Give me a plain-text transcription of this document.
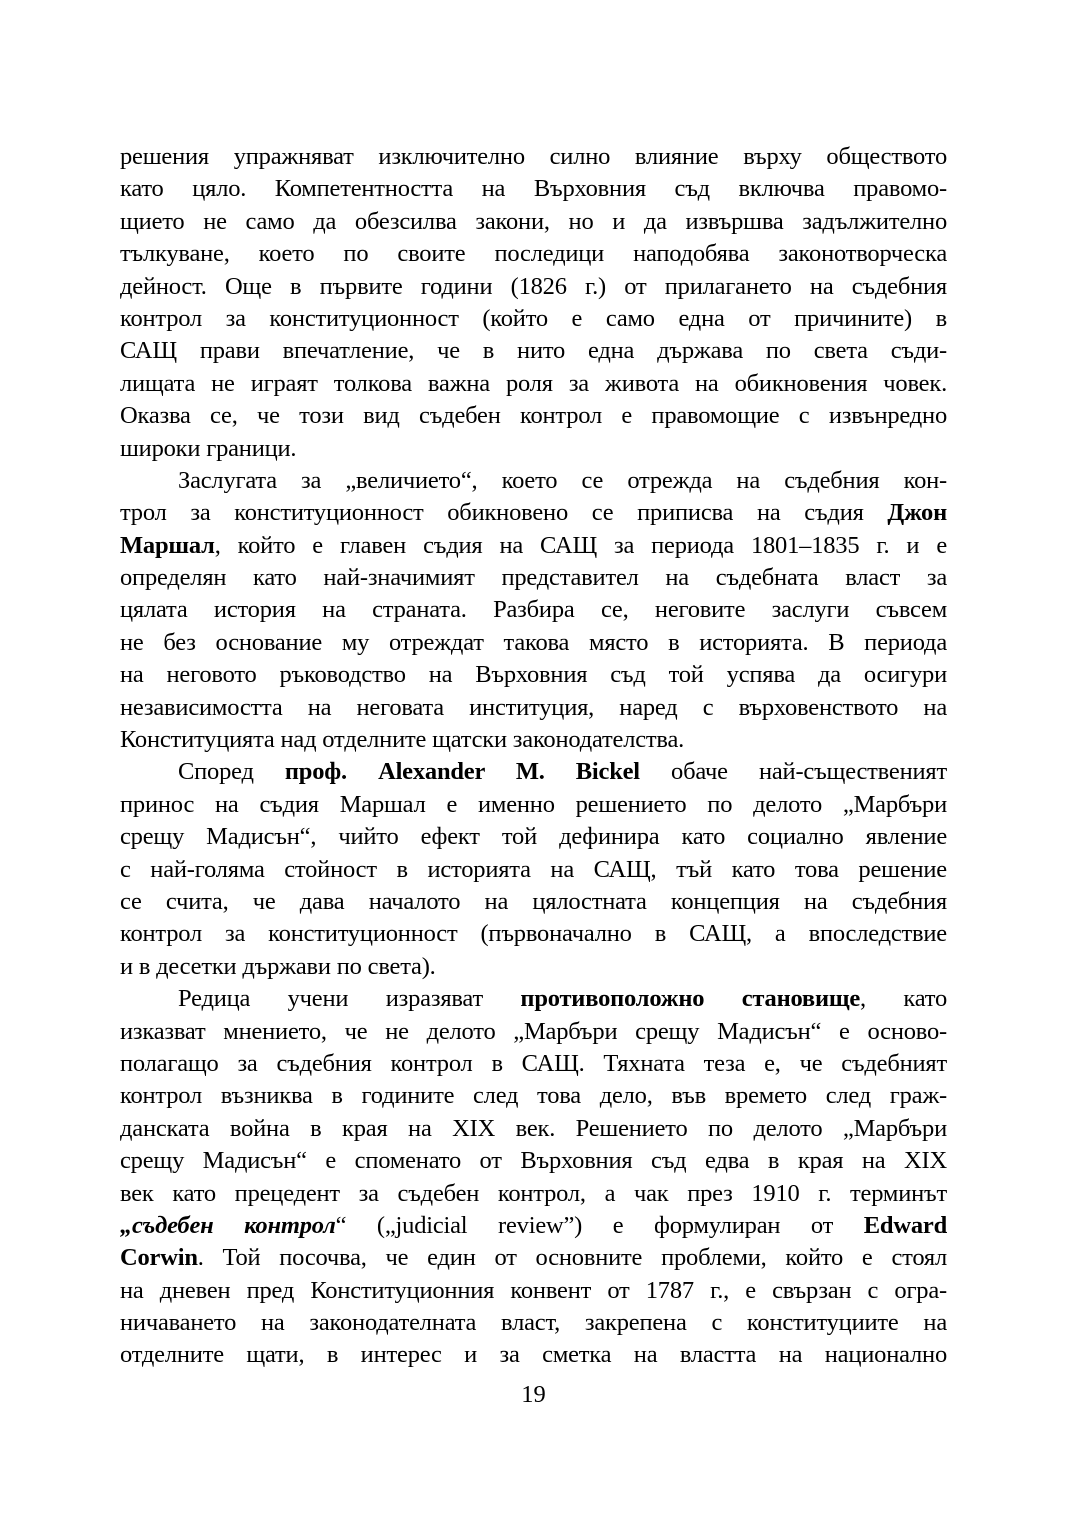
решения упражняват изключително силно влияние върху обществото
като цяло. Компетентността на Върховния съд включва правомо-
щието не само да обезсилва закони, но и да извършва задължително
тълкуване, което по своите последици наподобява законотворческа
дейност. Още в първите години (1826 г.) от прилагането на съдебния
контрол за конституционност (който е само една от причините) в
САЩ прави впечатление, че в нито една държава по света съди-
лищата не играят толкова важна роля за живота на обикновения човек.
Оказва се, че този вид съдебен контрол е правомощие с извънредно
широки граници.
Заслугата за „величието“, което се отрежда на съдебния кон-
трол за конституционност обикновено се приписва на съдия Джон
Маршал, който е главен съдия на САЩ за периода 1801–1835 г. и е
определян като най-значимият представител на съдебната власт за
цялата история на страната. Разбира се, неговите заслуги съвсем
не без основание му отреждат такова място в историята. В периода
на неговото ръководство на Върховния съд той успява да осигури
независимостта на неговата институция, наред с върховенството на
Конституцията над отделните щатски законодателства.
Според проф. Alexander M. Bickel обаче най-същественият
принос на съдия Маршал е именно решението по делото „Марбъри
срещу Мадисън“, чийто ефект той дефинира като социално явление
с най-голяма стойност в историята на САЩ, тъй като това решение
се счита, че дава началото на цялостната концепция на съдебния
контрол за конституционност (първоначално в САЩ, а впоследствие
и в десетки държави по света).
Редица учени изразяват противоположно становище, като
изказват мнението, че не делото „Марбъри срещу Мадисън“ е осново-
полагащо за съдебния контрол в САЩ. Тяхната теза е, че съдебният
контрол възниква в годините след това дело, във времето след граж-
данската война в края на XIX век. Решението по делото „Марбъри
срещу Мадисън“ е споменато от Върховния съд едва в края на XIX
век като прецедент за съдебен контрол, а чак през 1910 г. терминът
„съдебен контрол“ („judicial review”) е формулиран от Edward
Corwin. Той посочва, че един от основните проблеми, който е стоял
на дневен пред Конституционния конвент от 1787 г., е свързан с огра-
ничаването на законодателната власт, закрепена с конституциите на
отделните щати, в интерес и за сметка на властта на национално
19
